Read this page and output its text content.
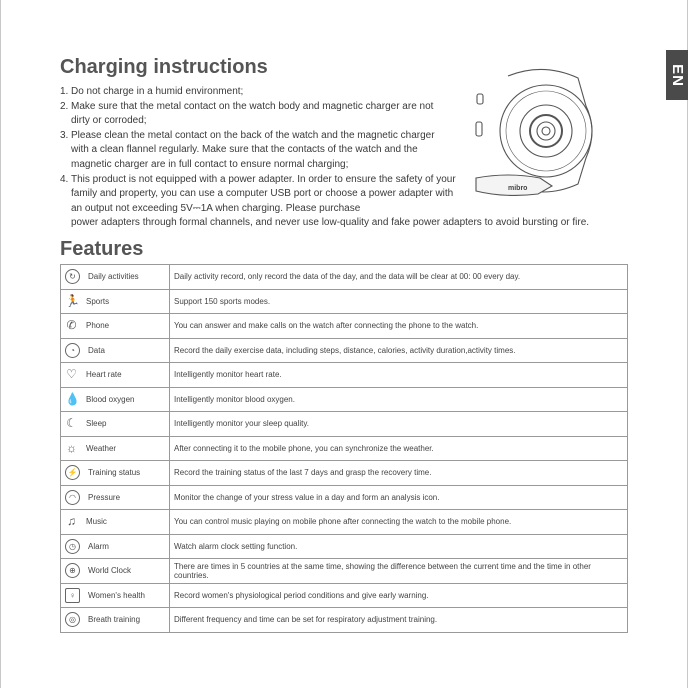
EN
Charging instructions
1. Do not charge in a humid environment;
2. Make sure that the metal contact on the watch body and magnetic charger are not dirty or corroded;
3. Please clean the metal contact on the back of the watch and the magnetic charger with a clean flannel regularly. Make sure that the contacts of the watch and the magnetic charger are in full contact to ensure normal charging;
4. This product is not equipped with a power adapter. In order to ensure the safety of your family and property, you can use a computer USB port or choose a power adapter with an output not exceeding 5V⎓1A when charging. Please purchase
power adapters through formal channels, and never use low-quality and fake power adapters to avoid bursting or fire.
mibro
Features
↻ Daily activities	Daily activity record, only record the data of the day, and the data will be clear at 00: 00 every day.
🏃 Sports	Support 150 sports modes.
✆ Phone	You can answer and make calls on the watch after connecting the phone to the watch.
◔ Data	Record the daily exercise data, including steps, distance, calories, activity duration,activity times.
♡ Heart rate	Intelligently monitor heart rate.
💧 Blood oxygen	Intelligently monitor blood oxygen.
☾ Sleep	Intelligently monitor your sleep quality.
☼ Weather	After connecting it to the mobile phone, you can synchronize the weather.
⚡ Training status	Record the training status of the last 7 days and grasp the recovery time.
◠ Pressure	Monitor the change of your stress value in a day and form an analysis icon.
♫ Music	You can control music playing on mobile phone after connecting the watch to the mobile phone.
◷ Alarm	Watch alarm clock setting function.
⊕ World Clock	There are times in 5 countries at the same time, showing the difference between the current time and the time in other countries.
♀ Women's health	Record women's physiological period conditions and give early warning.
◎ Breath training	Different frequency and time can be set for respiratory adjustment training.
